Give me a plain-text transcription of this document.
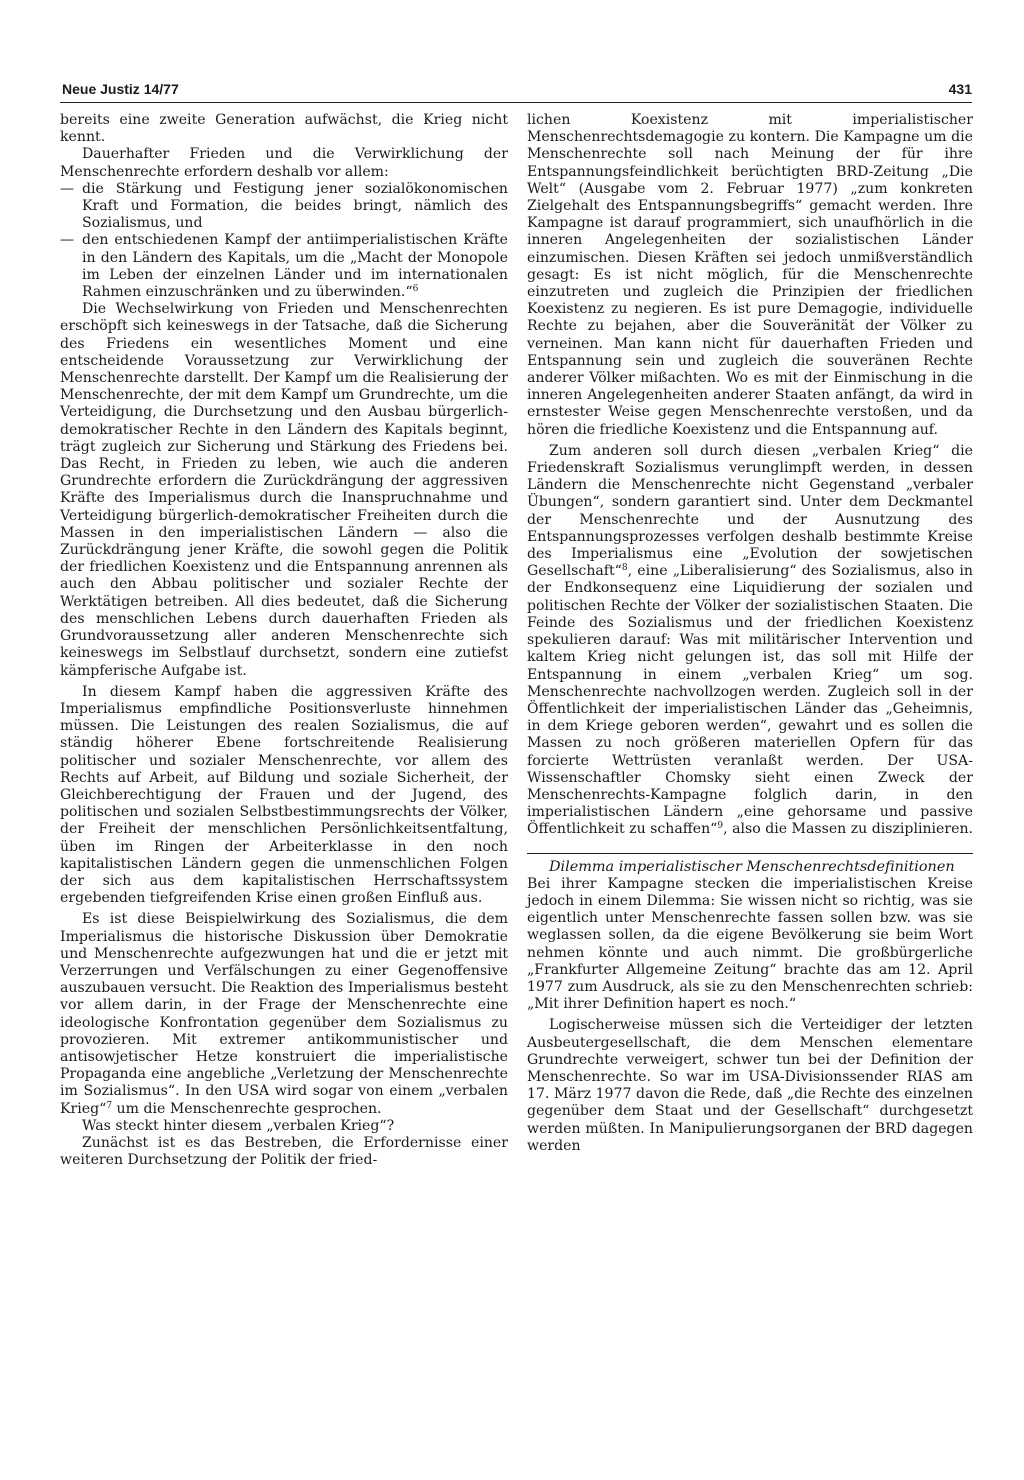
Neue Justiz 14/77	431

bereits eine zweite Generation aufwächst, die Krieg nicht kennt.

Dauerhafter Frieden und die Verwirklichung der Menschenrechte erfordern deshalb vor allem:

— die Stärkung und Festigung jener sozialökonomischen Kraft und Formation, die beides bringt, nämlich des Sozialismus, und
— den entschiedenen Kampf der antiimperialistischen Kräfte in den Ländern des Kapitals, um die „Macht der Monopole im Leben der einzelnen Länder und im internationalen Rahmen einzuschränken und zu überwinden.“$^6$

Die Wechselwirkung von Frieden und Menschenrechten erschöpft sich keineswegs in der Tatsache, daß die Sicherung des Friedens ein wesentliches Moment und eine entscheidende Voraussetzung zur Verwirklichung der Menschenrechte darstellt. Der Kampf um die Realisierung der Menschenrechte, der mit dem Kampf um Grundrechte, um die Verteidigung, die Durchsetzung und den Ausbau bürgerlich-demokratischer Rechte in den Ländern des Kapitals beginnt, trägt zugleich zur Sicherung und Stärkung des Friedens bei. Das Recht, in Frieden zu leben, wie auch die anderen Grundrechte erfordern die Zurückdrängung der aggressiven Kräfte des Imperialismus durch die Inanspruchnahme und Verteidigung bürgerlich-demokratischer Freiheiten durch die Massen in den imperialistischen Ländern — also die Zurückdrängung jener Kräfte, die sowohl gegen die Politik der friedlichen Koexistenz und die Entspannung anrennen als auch den Abbau politischer und sozialer Rechte der Werktätigen betreiben. All dies bedeutet, daß die Sicherung des menschlichen Lebens durch dauerhaften Frieden als Grundvoraussetzung aller anderen Menschenrechte sich keineswegs im Selbstlauf durchsetzt, sondern eine zutiefst kämpferische Aufgabe ist.

In diesem Kampf haben die aggressiven Kräfte des Imperialismus empfindliche Positionsverluste hinnehmen müssen. Die Leistungen des realen Sozialismus, die auf ständig höherer Ebene fortschreitende Realisierung politischer und sozialer Menschenrechte, vor allem des Rechts auf Arbeit, auf Bildung und soziale Sicherheit, der Gleichberechtigung der Frauen und der Jugend, des politischen und sozialen Selbstbestimmungsrechts der Völker, der Freiheit der menschlichen Persönlichkeitsentfaltung, üben im Ringen der Arbeiterklasse in den noch kapitalistischen Ländern gegen die unmenschlichen Folgen der sich aus dem kapitalistischen Herrschaftssystem ergebenden tiefgreifenden Krise einen großen Einfluß aus.

Es ist diese Beispielwirkung des Sozialismus, die dem Imperialismus die historische Diskussion über Demokratie und Menschenrechte aufgezwungen hat und die er jetzt mit Verzerrungen und Verfälschungen zu einer Gegenoffensive auszubauen versucht. Die Reaktion des Imperialismus besteht vor allem darin, in der Frage der Menschenrechte eine ideologische Konfrontation gegenüber dem Sozialismus zu provozieren. Mit extremer antikommunistischer und antisowjetischer Hetze konstruiert die imperialistische Propaganda eine angebliche „Verletzung der Menschenrechte im Sozialismus“. In den USA wird sogar von einem „verbalen Krieg“$^7$ um die Menschenrechte gesprochen.

Was steckt hinter diesem „verbalen Krieg“?

Zunächst ist es das Bestreben, die Erfordernisse einer weiteren Durchsetzung der Politik der fried-

lichen Koexistenz mit imperialistischer Menschenrechtsdemagogie zu kontern. Die Kampagne um die Menschenrechte soll nach Meinung der für ihre Entspannungsfeindlichkeit berüchtigten BRD-Zeitung „Die Welt“ (Ausgabe vom 2. Februar 1977) „zum konkreten Zielgehalt des Entspannungsbegriffs“ gemacht werden. Ihre Kampagne ist darauf programmiert, sich unaufhörlich in die inneren Angelegenheiten der sozialistischen Länder einzumischen. Diesen Kräften sei jedoch unmißverständlich gesagt: Es ist nicht möglich, für die Menschenrechte einzutreten und zugleich die Prinzipien der friedlichen Koexistenz zu negieren. Es ist pure Demagogie, individuelle Rechte zu bejahen, aber die Souveränität der Völker zu verneinen. Man kann nicht für dauerhaften Frieden und Entspannung sein und zugleich die souveränen Rechte anderer Völker mißachten. Wo es mit der Einmischung in die inneren Angelegenheiten anderer Staaten anfängt, da wird in ernstester Weise gegen Menschenrechte verstoßen, und da hören die friedliche Koexistenz und die Entspannung auf.

Zum anderen soll durch diesen „verbalen Krieg“ die Friedenskraft Sozialismus verunglimpft werden, in dessen Ländern die Menschenrechte nicht Gegenstand „verbaler Übungen“, sondern garantiert sind. Unter dem Deckmantel der Menschenrechte und der Ausnutzung des Entspannungsprozesses verfolgen deshalb bestimmte Kreise des Imperialismus eine „Evolution der sowjetischen Gesellschaft“$^8$, eine „Liberalisierung“ des Sozialismus, also in der Endkonsequenz eine Liquidierung der sozialen und politischen Rechte der Völker der sozialistischen Staaten. Die Feinde des Sozialismus und der friedlichen Koexistenz spekulieren darauf: Was mit militärischer Intervention und kaltem Krieg nicht gelungen ist, das soll mit Hilfe der Entspannung in einem „verbalen Krieg“ um sog. Menschenrechte nachvollzogen werden. Zugleich soll in der Öffentlichkeit der imperialistischen Länder das „Geheimnis, in dem Kriege geboren werden“, gewahrt und es sollen die Massen zu noch größeren materiellen Opfern für das forcierte Wettrüsten veranlaßt werden. Der USA-Wissenschaftler Chomsky sieht einen Zweck der Menschenrechts-Kampagne folglich darin, in den imperialistischen Ländern „eine gehorsame und passive Öffentlichkeit zu schaffen“$^9$, also die Massen zu disziplinieren.

Dilemma imperialistischer Menschenrechtsdefinitionen

Bei ihrer Kampagne stecken die imperialistischen Kreise jedoch in einem Dilemma: Sie wissen nicht so richtig, was sie eigentlich unter Menschenrechte fassen sollen bzw. was sie weglassen sollen, da die eigene Bevölkerung sie beim Wort nehmen könnte und auch nimmt. Die großbürgerliche „Frankfurter Allgemeine Zeitung“ brachte das am 12. April 1977 zum Ausdruck, als sie zu den Menschenrechten schrieb: „Mit ihrer Definition hapert es noch.“

Logischerweise müssen sich die Verteidiger der letzten Ausbeutergesellschaft, die dem Menschen elementare Grundrechte verweigert, schwer tun bei der Definition der Menschenrechte. So war im USA-Divisionssender RIAS am 17. März 1977 davon die Rede, daß „die Rechte des einzelnen gegenüber dem Staat und der Gesellschaft“ durchgesetzt werden müßten. In Manipulierungsorganen der BRD dagegen werden
